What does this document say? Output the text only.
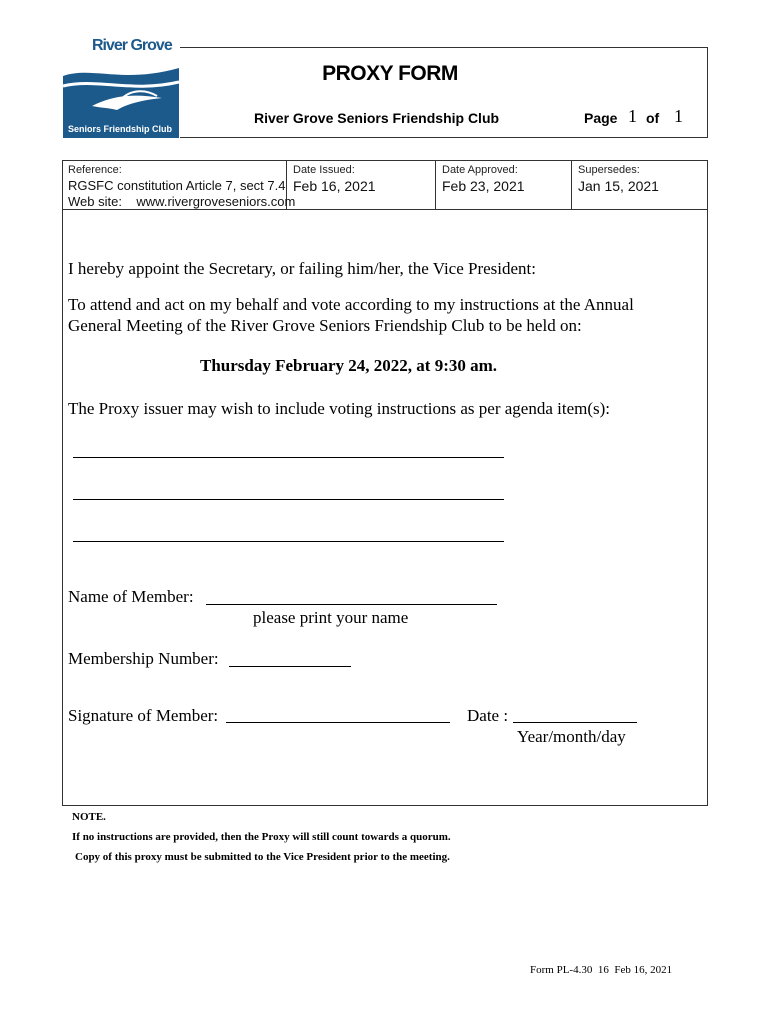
River Grove
Seniors Friendship Club
PROXY FORM
River Grove Seniors Friendship Club	Page 1 of 1
Reference:
RGSFC constitution Article 7, sect 7.4
Web site:    www.rivergroveseniors.com
Date Issued:
Feb 16, 2021
Date Approved:
Feb 23, 2021
Supersedes:
Jan 15, 2021
I hereby appoint the Secretary, or failing him/her, the Vice President:
To attend and act on my behalf and vote according to my instructions at the Annual
General Meeting of the River Grove Seniors Friendship Club to be held on:
Thursday February 24, 2022, at 9:30 am.
The Proxy issuer may wish to include voting instructions as per agenda item(s):
Name of Member:
please print your name
Membership Number:
Signature of Member:	Date :
Year/month/day
NOTE.
If no instructions are provided, then the Proxy will still count towards a quorum.
Copy of this proxy must be submitted to the Vice President prior to the meeting.
Form PL-4.30  16  Feb 16, 2021
